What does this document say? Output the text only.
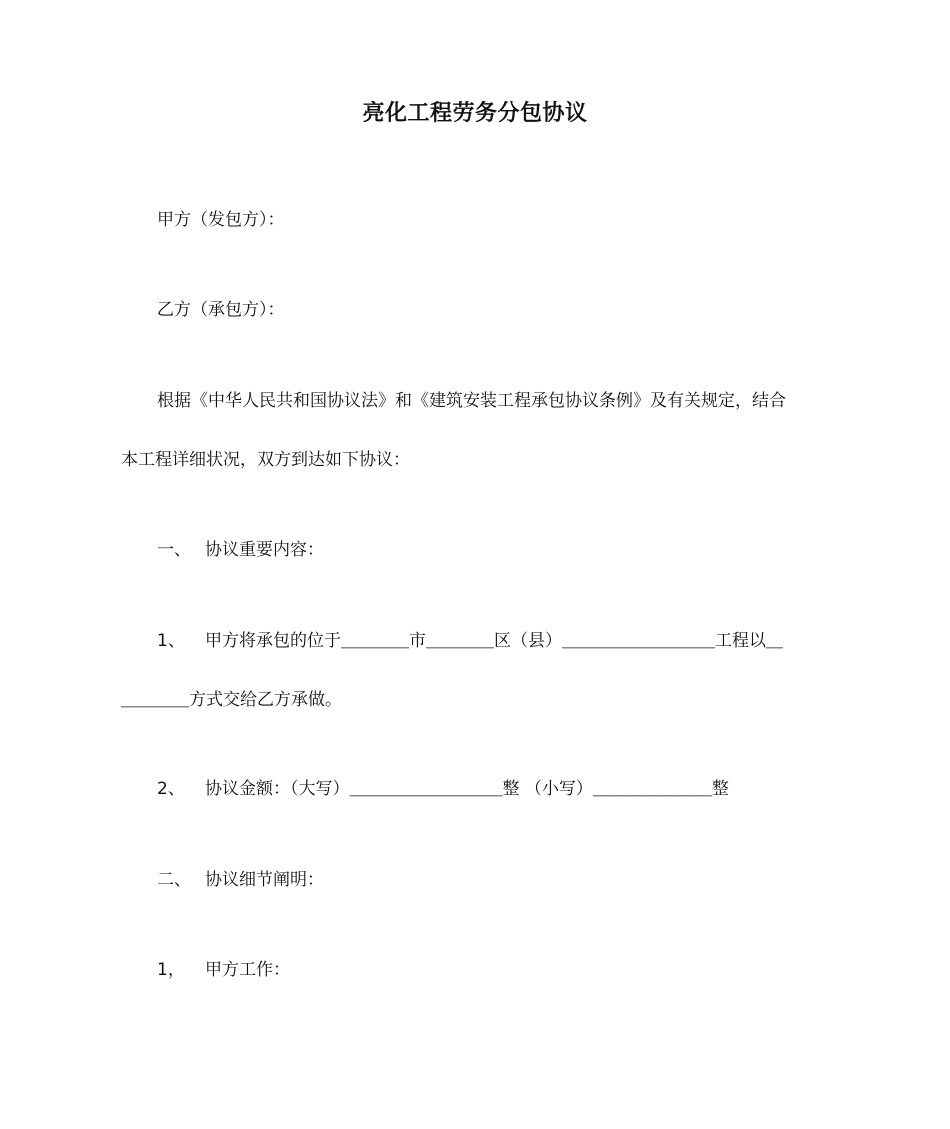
亮化工程劳务分包协议
甲方（发包方）：
乙方（承包方）：
根据《中华人民共和国协议法》和《建筑安装工程承包协议条例》及有关规定，结合
本工程详细状况，双方到达如下协议：
一、 协议重要内容：
1、 甲方将承包的位于＿＿＿＿市＿＿＿＿区（县）＿＿＿＿＿＿＿＿＿工程以＿
＿＿＿＿方式交给乙方承做。
2、 协议金额：（大写）＿＿＿＿＿＿＿＿＿整 （小写）＿＿＿＿＿＿＿整
二、 协议细节阐明：
1， 甲方工作：
